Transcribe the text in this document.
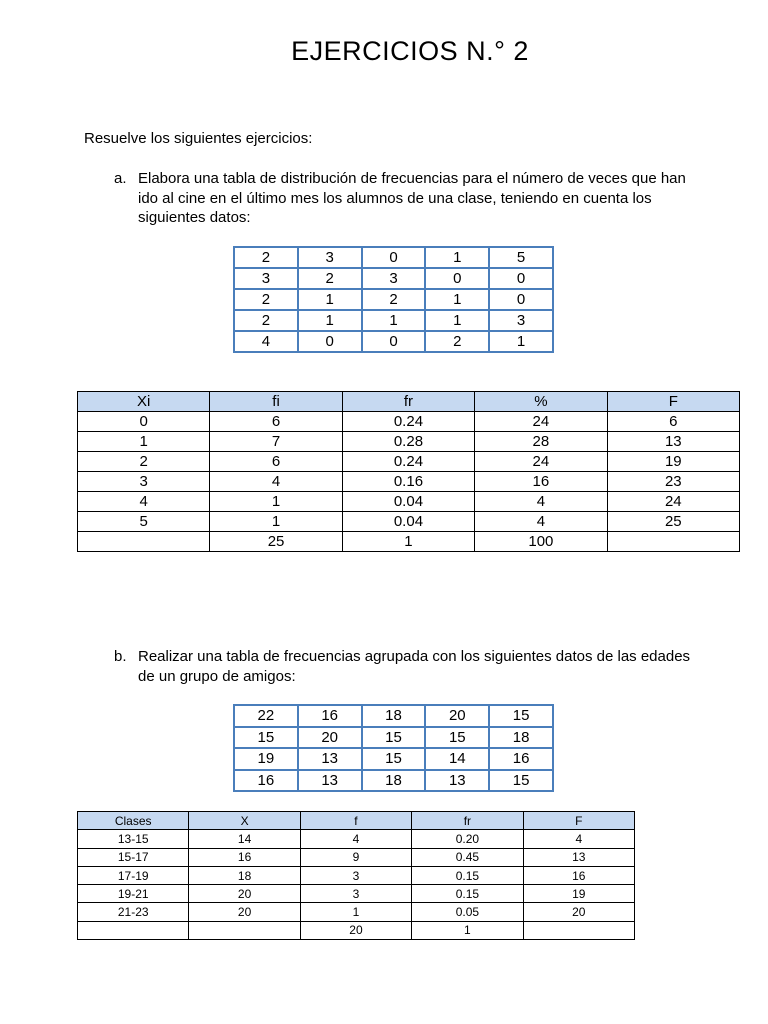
EJERCICIOS N.° 2
Resuelve los siguientes ejercicios:
a. Elabora una tabla de distribución de frecuencias para el número de veces que han ido al cine en el último mes los alumnos de una clase, teniendo en cuenta los siguientes datos:
2	3	0	1	5
3	2	3	0	0
2	1	2	1	0
2	1	1	1	3
4	0	0	2	1
Xi	fi	fr	%	F
0	6	0.24	24	6
1	7	0.28	28	13
2	6	0.24	24	19
3	4	0.16	16	23
4	1	0.04	4	24
5	1	0.04	4	25
	25	1	100	
b. Realizar una tabla de frecuencias agrupada con los siguientes datos de las edades de un grupo de amigos:
22	16	18	20	15
15	20	15	15	18
19	13	15	14	16
16	13	18	13	15
Clases	X	f	fr	F
13-15	14	4	0.20	4
15-17	16	9	0.45	13
17-19	18	3	0.15	16
19-21	20	3	0.15	19
21-23	20	1	0.05	20
		20	1	
